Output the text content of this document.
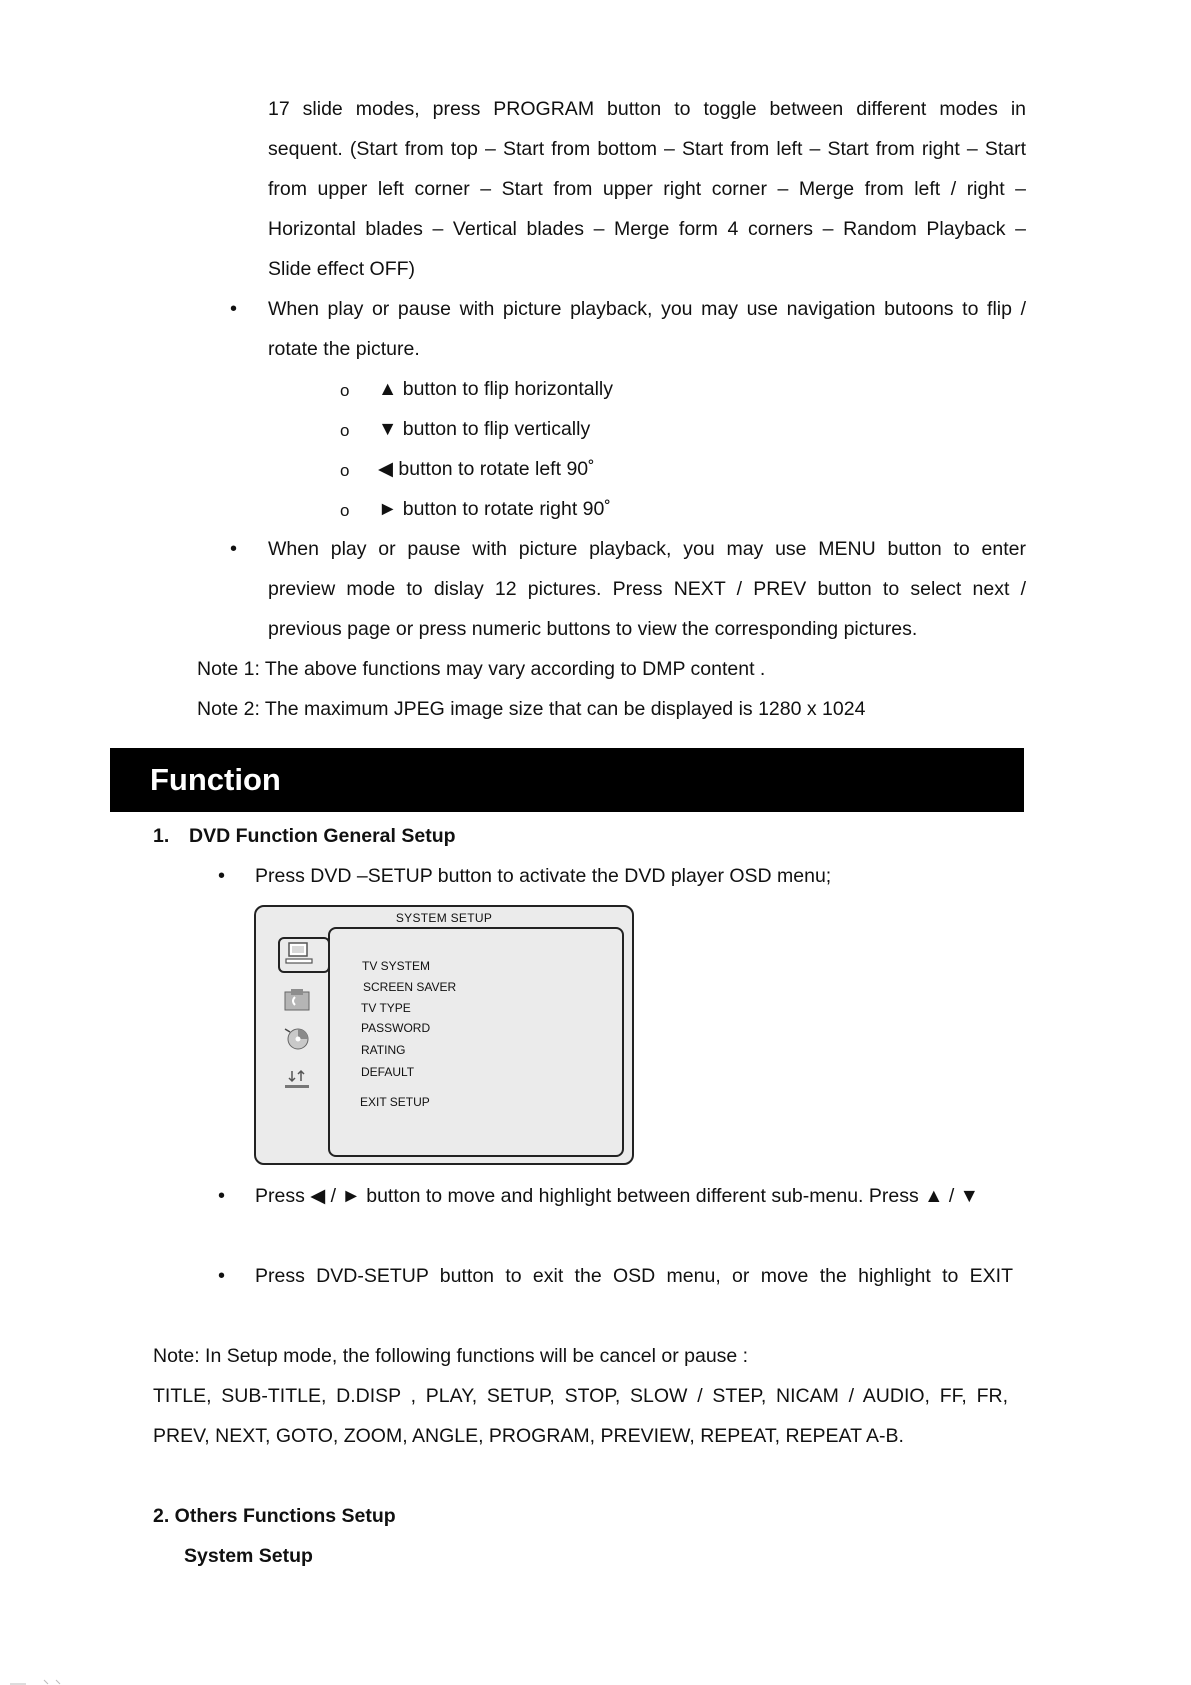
17 slide modes, press PROGRAM button to toggle between different modes in
sequent. (Start from top – Start from bottom – Start from left – Start from right – Start
from upper left corner – Start from upper right corner – Merge from left / right –
Horizontal blades – Vertical blades – Merge form 4 corners – Random Playback –
Slide effect OFF)
• When play or pause with picture playback, you may use navigation butoons to flip /
rotate the picture.
o ▲ button to flip horizontally
o ▼ button to flip vertically
o ◀ button to rotate left 90˚
o ► button to rotate right 90˚
• When play or pause with picture playback, you may use MENU button to enter
preview mode to dislay 12 pictures. Press NEXT / PREV button to select next /
previous page or press numeric buttons to view the corresponding pictures.
Note 1: The above functions may vary according to DMP content .
Note 2: The maximum JPEG image size that can be displayed is 1280 x 1024
Function
1. DVD Function General Setup
• Press DVD –SETUP button to activate the DVD player OSD menu;
SYSTEM SETUP
TV SYSTEM
SCREEN SAVER
TV TYPE
PASSWORD
RATING
DEFAULT
EXIT SETUP
• Press ◀ / ► button to move and highlight between different sub-menu. Press ▲ / ▼
• Press DVD-SETUP button to exit the OSD menu, or move the highlight to EXIT
Note: In Setup mode, the following functions will be cancel or pause :
TITLE, SUB-TITLE, D.DISP , PLAY, SETUP, STOP, SLOW / STEP, NICAM / AUDIO, FF, FR,
PREV, NEXT, GOTO, ZOOM, ANGLE, PROGRAM, PREVIEW, REPEAT, REPEAT A-B.
2. Others Functions Setup
System Setup
